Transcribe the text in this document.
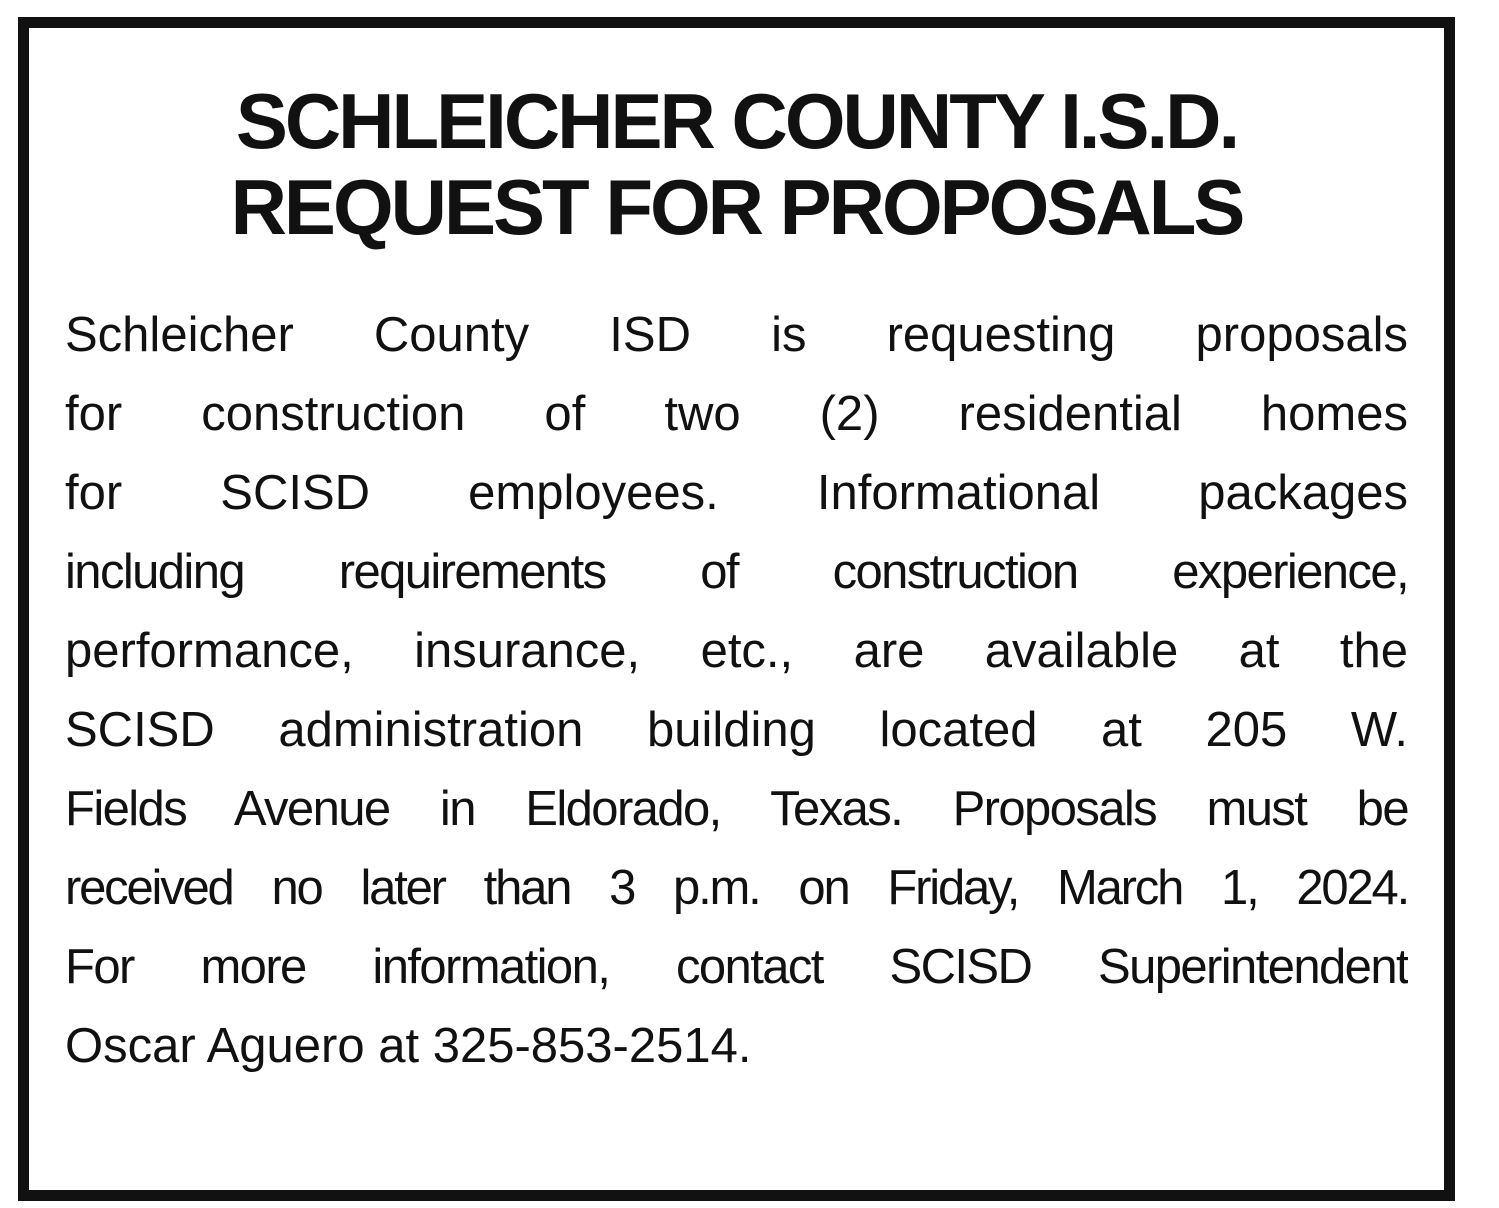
SCHLEICHER COUNTY I.S.D.
REQUEST FOR PROPOSALS
Schleicher County ISD is requesting proposals
for construction of two (2) residential homes
for SCISD employees. Informational packages
including requirements of construction experience,
performance, insurance, etc., are available at the
SCISD administration building located at 205 W.
Fields Avenue in Eldorado, Texas. Proposals must be
received no later than 3 p.m. on Friday, March 1, 2024.
For more information, contact SCISD Superintendent
Oscar Aguero at 325-853-2514.
